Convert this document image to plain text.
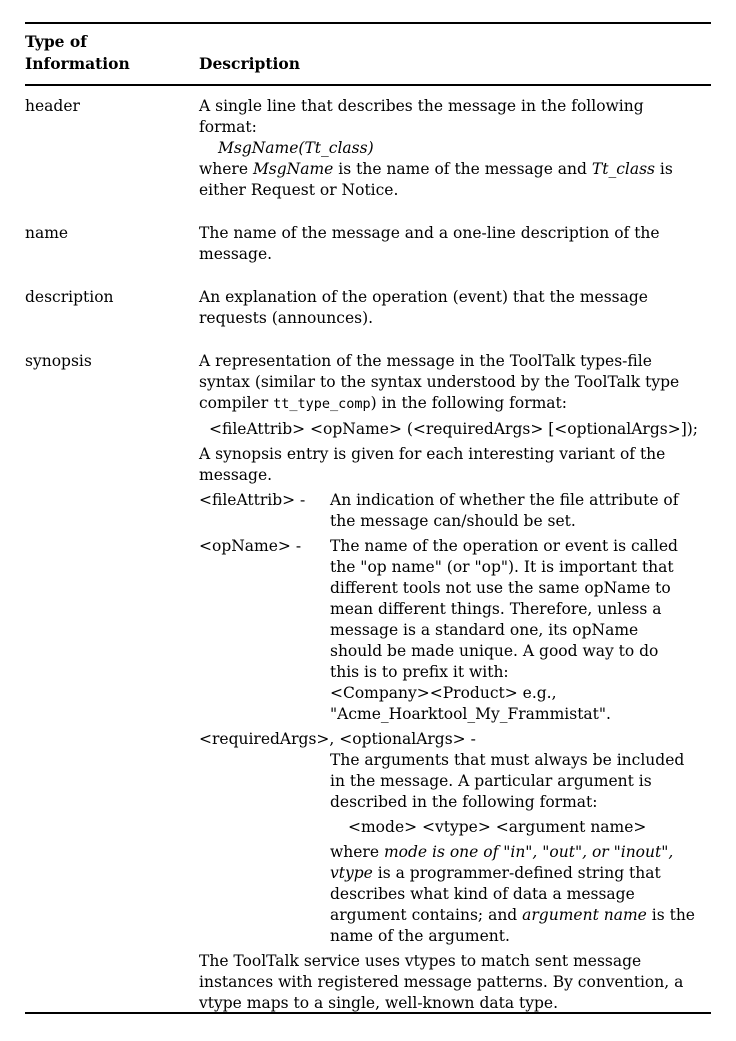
Type of
Information	Description
header	A single line that describes the message in the following
format:
MsgName(Tt_class)
where MsgName is the name of the message and Tt_class is
either Request or Notice.
name	The name of the message and a one-line description of the
message.
description	An explanation of the operation (event) that the message
requests (announces).
synopsis	A representation of the message in the ToolTalk types-file
syntax (similar to the syntax understood by the ToolTalk type
compiler tt_type_comp) in the following format:
<fileAttrib> <opName> (<requiredArgs> [<optionalArgs>]);
A synopsis entry is given for each interesting variant of the
message.
<fileAttrib> -	An indication of whether the file attribute of
the message can/should be set.
<opName> -	The name of the operation or event is called
the "op name" (or "op"). It is important that
different tools not use the same opName to
mean different things. Therefore, unless a
message is a standard one, its opName
should be made unique. A good way to do
this is to prefix it with:
<Company><Product> e.g.,
"Acme_Hoarktool_My_Frammistat".
<requiredArgs>, <optionalArgs> -
The arguments that must always be included
in the message. A particular argument is
described in the following format:
<mode> <vtype> <argument name>
where mode is one of "in", "out", or "inout",
vtype is a programmer-defined string that
describes what kind of data a message
argument contains; and argument name is the
name of the argument.
The ToolTalk service uses vtypes to match sent message
instances with registered message patterns. By convention, a
vtype maps to a single, well-known data type.
